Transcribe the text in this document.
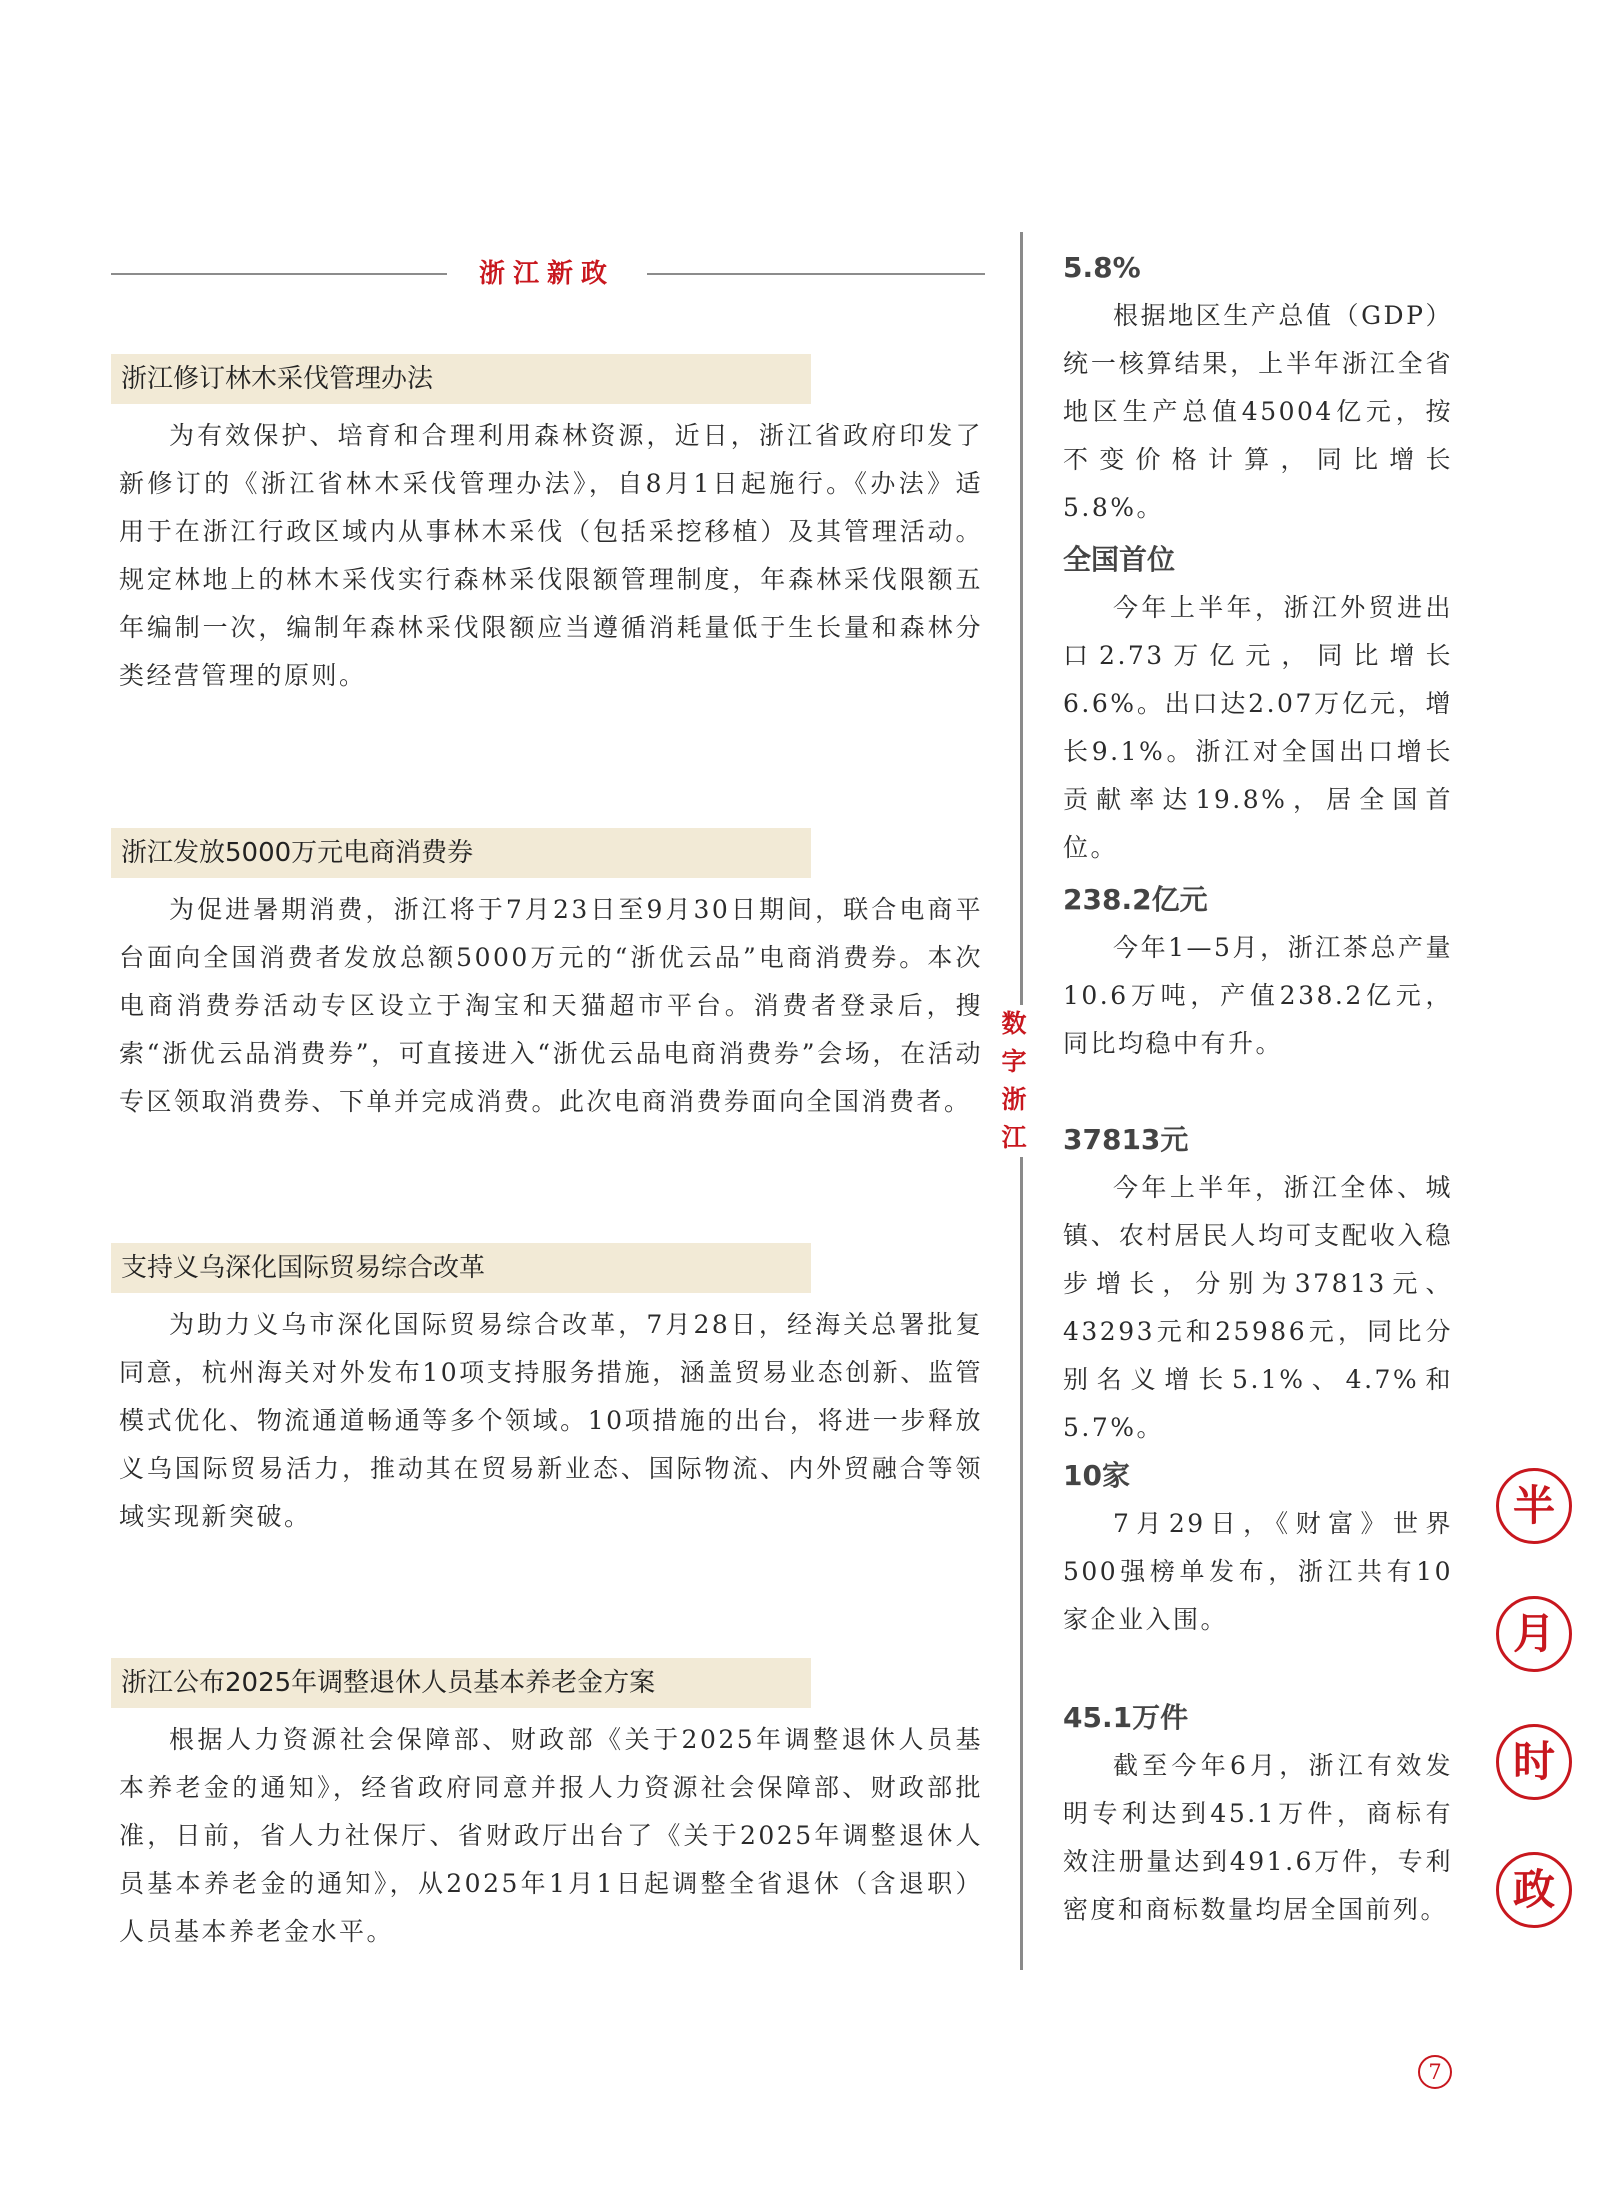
浙江新政
浙江修订林木采伐管理办法

为有效保护、培育和合理利用森林资源，近日，浙江省政府印发了新修订的《浙江省林木采伐管理办法》，自8月1日起施行。《办法》适用于在浙江行政区域内从事林木采伐（包括采挖移植）及其管理活动。规定林地上的林木采伐实行森林采伐限额管理制度，年森林采伐限额五年编制一次，编制年森林采伐限额应当遵循消耗量低于生长量和森林分类经营管理的原则。

浙江发放5000万元电商消费券

为促进暑期消费，浙江将于7月23日至9月30日期间，联合电商平台面向全国消费者发放总额5000万元的“浙优云品”电商消费券。本次电商消费券活动专区设立于淘宝和天猫超市平台。消费者登录后，搜索“浙优云品消费券”，可直接进入“浙优云品电商消费券”会场，在活动专区领取消费券、下单并完成消费。此次电商消费券面向全国消费者。

支持义乌深化国际贸易综合改革

为助力义乌市深化国际贸易综合改革，7月28日，经海关总署批复同意，杭州海关对外发布10项支持服务措施，涵盖贸易业态创新、监管模式优化、物流通道畅通等多个领域。10项措施的出台，将进一步释放义乌国际贸易活力，推动其在贸易新业态、国际物流、内外贸融合等领域实现新突破。

浙江公布2025年调整退休人员基本养老金方案

根据人力资源社会保障部、财政部《关于2025年调整退休人员基本养老金的通知》，经省政府同意并报人力资源社会保障部、财政部批准，日前，省人力社保厅、省财政厅出台了《关于2025年调整退休人员基本养老金的通知》，从2025年1月1日起调整全省退休（含退职）人员基本养老金水平。

数字浙江
5.8%

根据地区生产总值（GDP）统一核算结果，上半年浙江全省地区生产总值45004亿元，按不变价格计算，同比增长5.8%。

全国首位

今年上半年，浙江外贸进出口2.73万亿元，同比增长6.6%。出口达2.07万亿元，增长9.1%。浙江对全国出口增长贡献率达19.8%，居全国首位。

238.2亿元

今年1—5月，浙江茶总产量10.6万吨，产值238.2亿元，同比均稳中有升。

37813元

今年上半年，浙江全体、城镇、农村居民人均可支配收入稳步增长，分别为37813元、43293元和25986元，同比分别名义增长5.1%、4.7%和5.7%。

10家

7月29日，《财富》世界500强榜单发布，浙江共有10家企业入围。

45.1万件

截至今年6月，浙江有效发明专利达到45.1万件，商标有效注册量达到491.6万件，专利密度和商标数量均居全国前列。

半
月
时
政
7
